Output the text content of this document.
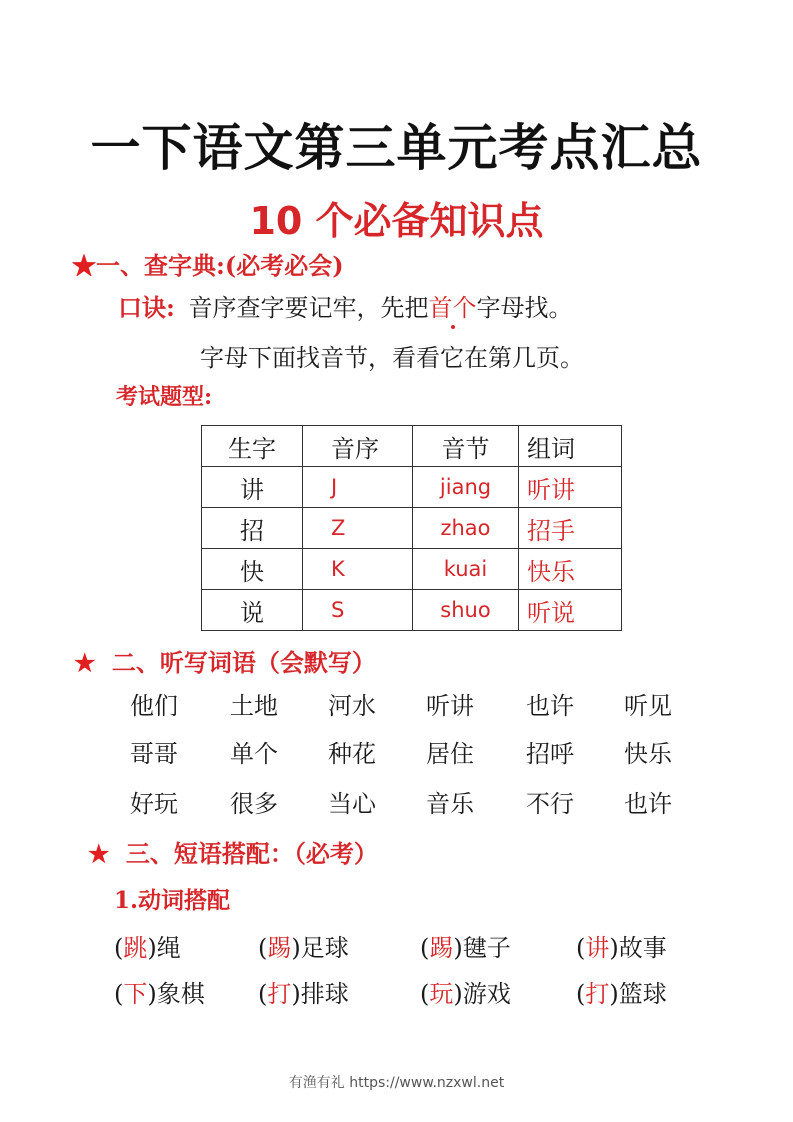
一下语文第三单元考点汇总
10 个必备知识点
★一、查字典:(必考必会)
口诀: 音序查字要记牢，先把首个字母找。
字母下面找音节，看看它在第几页。
考试题型:
生字	音序	音节	组词
讲	J	jiang	听讲
招	Z	zhao	招手
快	K	kuai	快乐
说	S	shuo	听说
★ 二、听写词语（会默写）
他们 土地 河水 听讲 也许 听见
哥哥 单个 种花 居住 招呼 快乐
好玩 很多 当心 音乐 不行 也许
★ 三、短语搭配：（必考）
1.动词搭配
(跳)绳	(踢)足球	(踢)毽子	(讲)故事
(下)象棋 (打)排球	(玩)游戏	(打)篮球
有渔有礼 https://www.nzxwl.net
